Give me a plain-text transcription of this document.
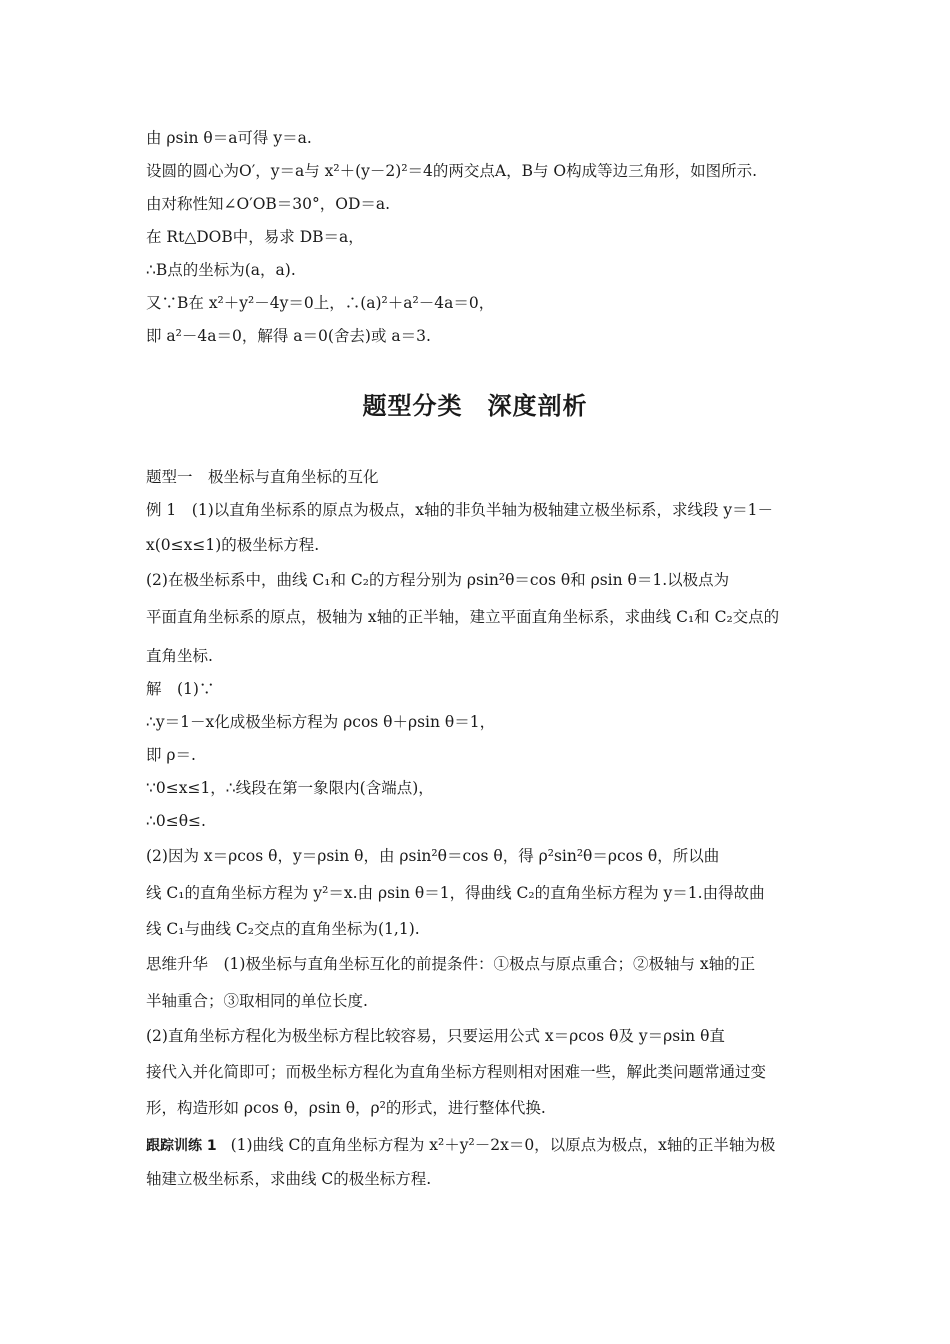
由 ρsin θ＝a可得 y＝a.
设圆的圆心为O′，y＝a与 x²＋(y－2)²＝4的两交点A，B与 O构成等边三角形，如图所示.
由对称性知∠O′OB＝30°，OD＝a.
在 Rt△DOB中，易求 DB＝a，
∴B点的坐标为(a，a).
又∵B在 x²＋y²－4y＝0上，∴(a)²＋a²－4a＝0，
即 a²－4a＝0，解得 a＝0(舍去)或 a＝3.
题型分类　深度剖析
题型一　极坐标与直角坐标的互化
例 1　(1)以直角坐标系的原点为极点，x轴的非负半轴为极轴建立极坐标系，求线段 y＝1－
x(0≤x≤1)的极坐标方程.
(2)在极坐标系中，曲线 C₁和 C₂的方程分别为 ρsin²θ＝cos θ和 ρsin θ＝1.以极点为
平面直角坐标系的原点，极轴为 x轴的正半轴，建立平面直角坐标系，求曲线 C₁和 C₂交点的
直角坐标.
解　(1)∵
∴y＝1－x化成极坐标方程为 ρcos θ＋ρsin θ＝1，
即 ρ＝.
∵0≤x≤1，∴线段在第一象限内(含端点)，
∴0≤θ≤.
(2)因为 x＝ρcos θ，y＝ρsin θ，由 ρsin²θ＝cos θ，得 ρ²sin²θ＝ρcos θ，所以曲
线 C₁的直角坐标方程为 y²＝x.由 ρsin θ＝1，得曲线 C₂的直角坐标方程为 y＝1.由得故曲
线 C₁与曲线 C₂交点的直角坐标为(1,1).
思维升华　(1)极坐标与直角坐标互化的前提条件：①极点与原点重合；②极轴与 x轴的正
半轴重合；③取相同的单位长度.
(2)直角坐标方程化为极坐标方程比较容易，只要运用公式 x＝ρcos θ及 y＝ρsin θ直
接代入并化简即可；而极坐标方程化为直角坐标方程则相对困难一些，解此类问题常通过变
形，构造形如 ρcos θ，ρsin θ，ρ²的形式，进行整体代换.
跟踪训练 1 (1)曲线 C的直角坐标方程为 x²＋y²－2x＝0，以原点为极点，x轴的正半轴为极
轴建立极坐标系，求曲线 C的极坐标方程.
